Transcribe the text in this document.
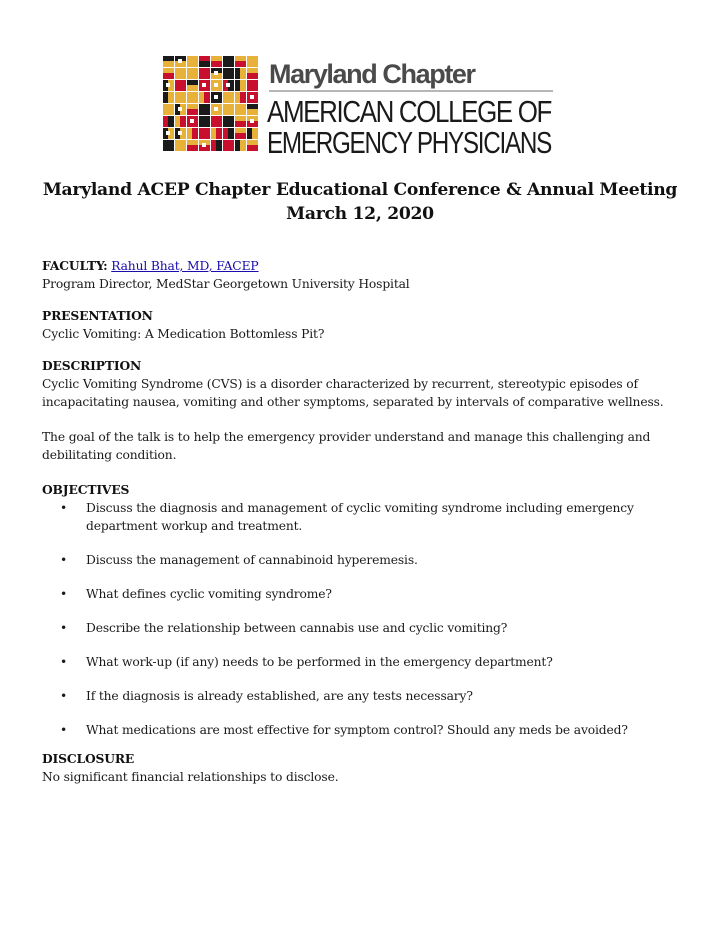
Maryland Chapter
AMERICAN COLLEGE OF
EMERGENCY PHYSICIANS
Maryland ACEP Chapter Educational Conference & Annual Meeting
March 12, 2020

FACULTY: Rahul Bhat, MD, FACEP

Program Director, MedStar Georgetown University Hospital

PRESENTATION

Cyclic Vomiting: A Medication Bottomless Pit?

DESCRIPTION

Cyclic Vomiting Syndrome (CVS) is a disorder characterized by recurrent, stereotypic episodes of

incapacitating nausea, vomiting and other symptoms, separated by intervals of comparative wellness.

The goal of the talk is to help the emergency provider understand and manage this challenging and

debilitating condition.

OBJECTIVES

• Discuss the diagnosis and management of cyclic vomiting syndrome including emergency department workup and treatment.
• Discuss the management of cannabinoid hyperemesis.
• What defines cyclic vomiting syndrome?
• Describe the relationship between cannabis use and cyclic vomiting?
• What work-up (if any) needs to be performed in the emergency department?
• If the diagnosis is already established, are any tests necessary?
• What medications are most effective for symptom control? Should any meds be avoided?

DISCLOSURE

No significant financial relationships to disclose.
